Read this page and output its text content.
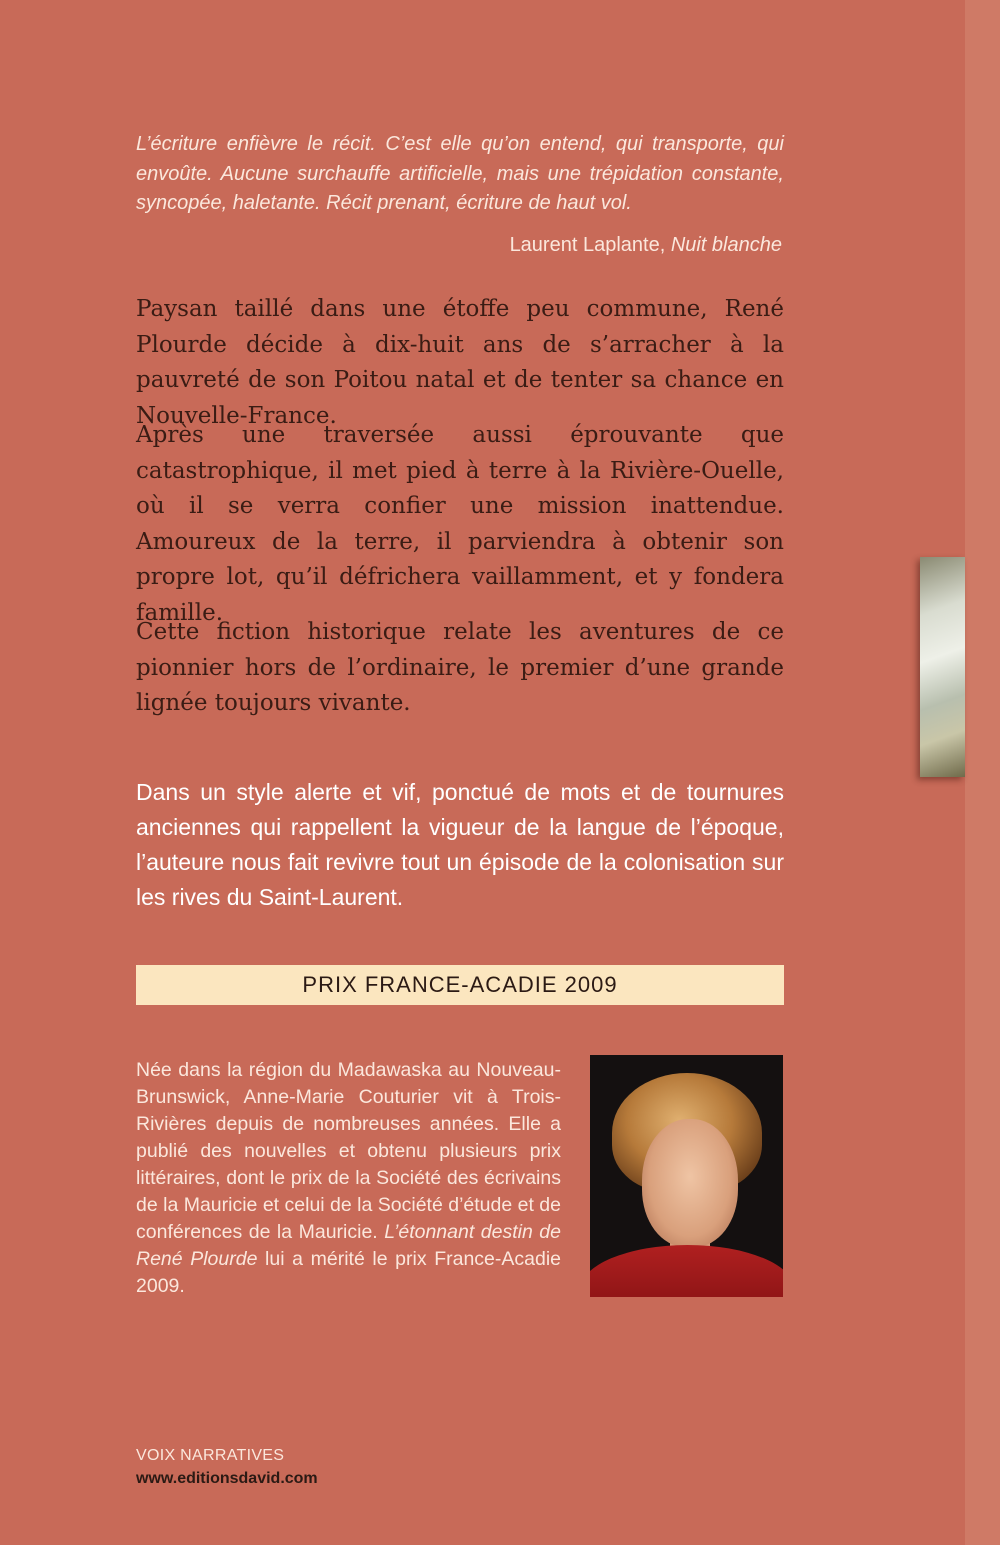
L’écriture enfièvre le récit. C’est elle qu’on entend, qui transporte, qui envoûte. Aucune surchauffe artificielle, mais une trépidation constante, syncopée, haletante. Récit prenant, écriture de haut vol.

Laurent Laplante, Nuit blanche

Paysan taillé dans une étoffe peu commune, René Plourde décide à dix-huit ans de s’arracher à la pauvreté de son Poitou natal et de tenter sa chance en Nouvelle-France.

Après une traversée aussi éprouvante que catastrophique, il met pied à terre à la Rivière-Ouelle, où il se verra confier une mission inattendue. Amoureux de la terre, il parviendra à obtenir son propre lot, qu’il défrichera vaillamment, et y fondera famille.

Cette fiction historique relate les aventures de ce pionnier hors de l’ordinaire, le premier d’une grande lignée toujours vivante.

Dans un style alerte et vif, ponctué de mots et de tournures anciennes qui rappellent la vigueur de la langue de l’époque, l’auteure nous fait revivre tout un épisode de la colonisation sur les rives du Saint-Laurent.

PRIX FRANCE-ACADIE 2009

Née dans la région du Madawaska au Nouveau-Brunswick, Anne-Marie Couturier vit à Trois-Rivières depuis de nombreuses années. Elle a publié des nouvelles et obtenu plusieurs prix littéraires, dont le prix de la Société des écrivains de la Mauricie et celui de la Société d’étude et de conférences de la Mauricie. L’étonnant destin de René Plourde lui a mérité le prix France-Acadie 2009.

VOIX NARRATIVES

www.editionsdavid.com
